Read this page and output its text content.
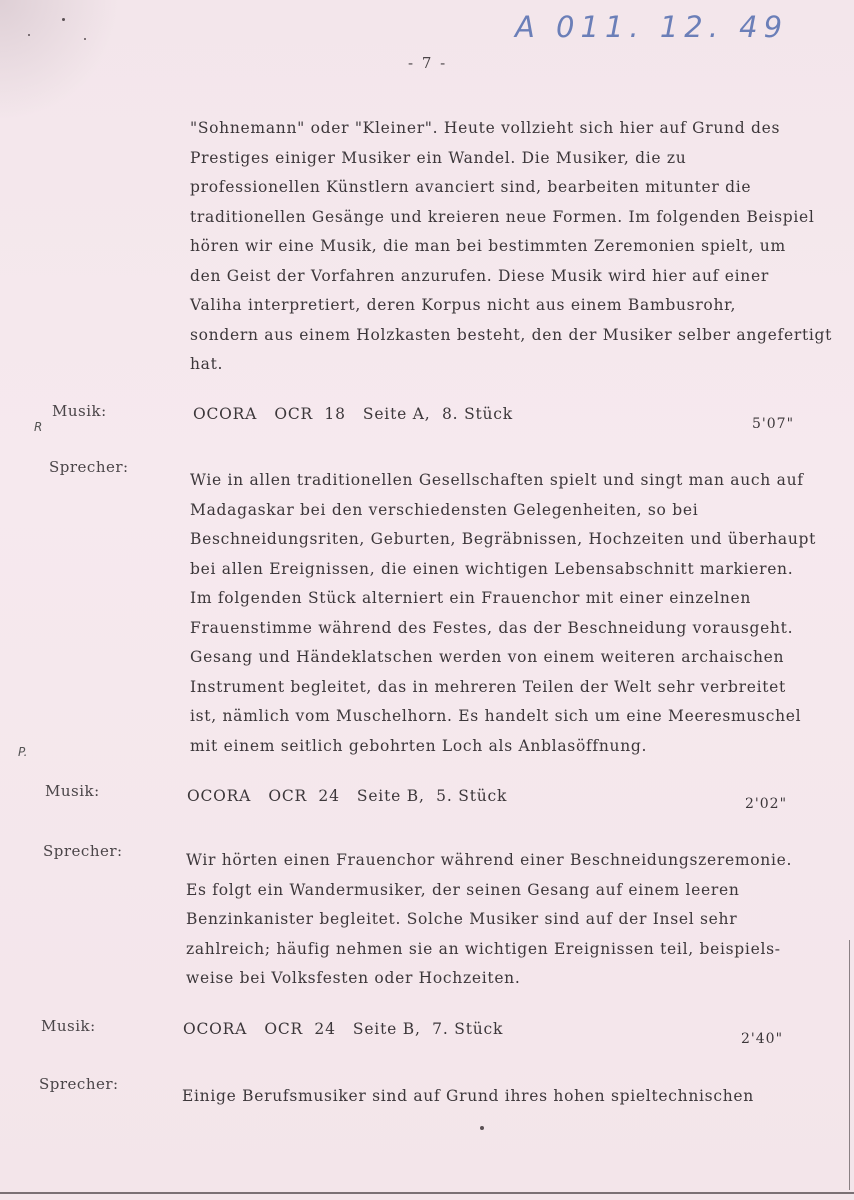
A 011. 12. 49
- 7 -
"Sohnemann" oder "Kleiner". Heute vollzieht sich hier auf Grund des
Prestiges einiger Musiker ein Wandel. Die Musiker, die zu
professionellen Künstlern avanciert sind, bearbeiten mitunter die
traditionellen Gesänge und kreieren neue Formen. Im folgenden Beispiel
hören wir eine Musik, die man bei bestimmten Zeremonien spielt, um
den Geist der Vorfahren anzurufen. Diese Musik wird hier auf einer
Valiha interpretiert, deren Korpus nicht aus einem Bambusrohr,
sondern aus einem Holzkasten besteht, den der Musiker selber angefertigt
hat.
Musik:
R
OCORA   OCR  18   Seite A,  8. Stück
5'07"
Sprecher:
Wie in allen traditionellen Gesellschaften spielt und singt man auch auf
Madagaskar bei den verschiedensten Gelegenheiten, so bei
Beschneidungsriten, Geburten, Begräbnissen, Hochzeiten und überhaupt
bei allen Ereignissen, die einen wichtigen Lebensabschnitt markieren.
Im folgenden Stück alterniert ein Frauenchor mit einer einzelnen
Frauenstimme während des Festes, das der Beschneidung vorausgeht.
Gesang und Händeklatschen werden von einem weiteren archaischen
Instrument begleitet, das in mehreren Teilen der Welt sehr verbreitet
ist, nämlich vom Muschelhorn. Es handelt sich um eine Meeresmuschel
mit einem seitlich gebohrten Loch als Anblasöffnung.
P.
Musik:	OCORA   OCR  24   Seite B,  5. Stück	2'02"
Sprecher:	Wir hörten einen Frauenchor während einer Beschneidungszeremonie.
Es folgt ein Wandermusiker, der seinen Gesang auf einem leeren
Benzinkanister begleitet. Solche Musiker sind auf der Insel sehr
zahlreich; häufig nehmen sie an wichtigen Ereignissen teil, beispiels-
weise bei Volksfesten oder Hochzeiten.
Musik:	OCORA   OCR  24   Seite B,  7. Stück
2'40"
Sprecher:
Einige Berufsmusiker sind auf Grund ihres hohen spieltechnischen
